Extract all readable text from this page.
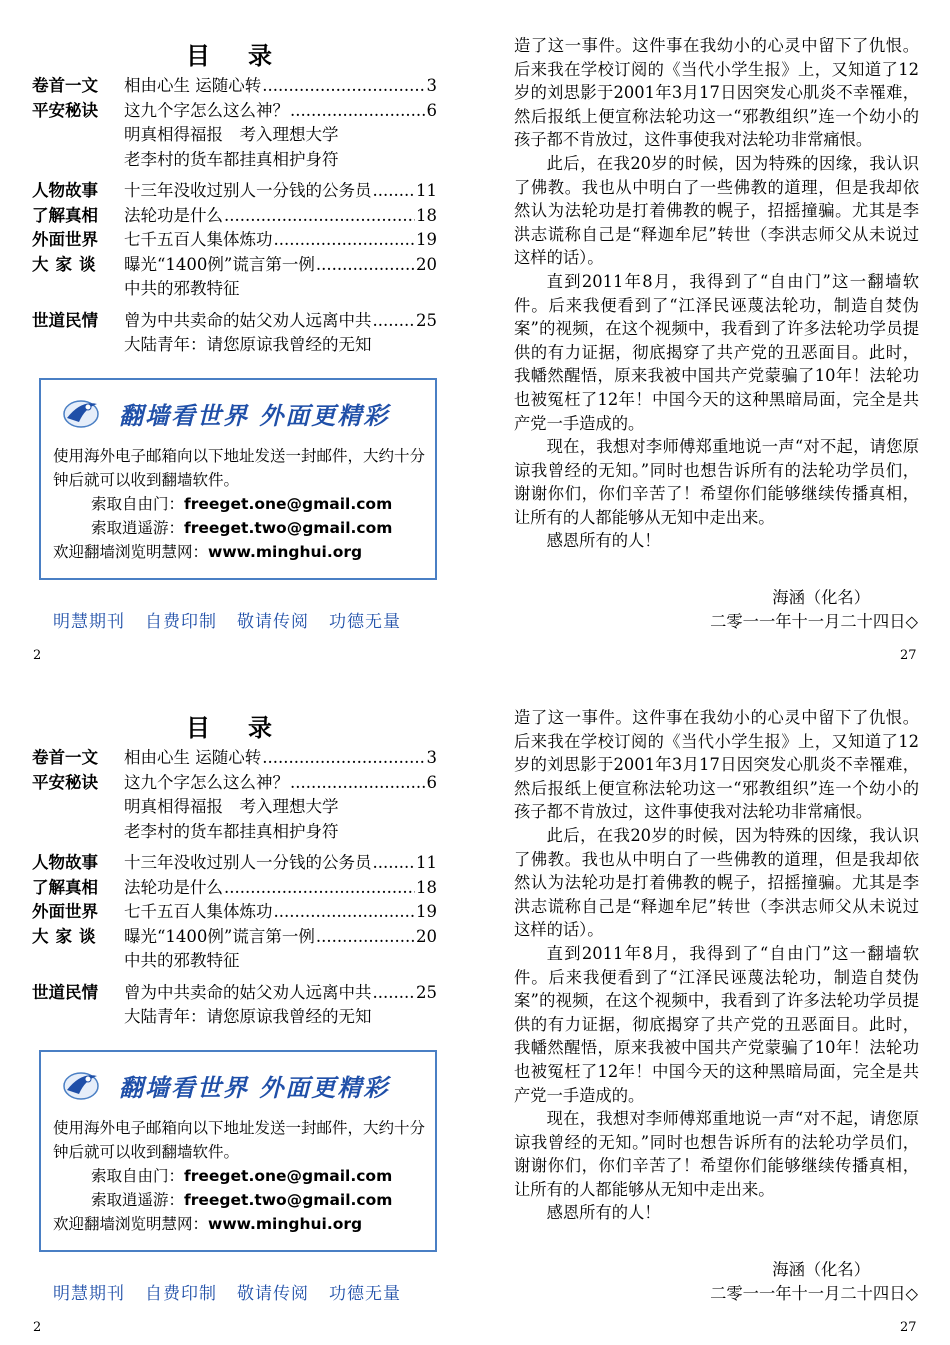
目录
卷首一文	相由心生 运随心转 .....	3
平安秘诀	这九个字怎么这么神？ .....	6
明真相得福报　考入理想大学
老李村的货车都挂真相护身符
人物故事	十三年没收过别人一分钱的公务员 .....	11
了解真相	法轮功是什么 .....	18
外面世界	七千五百人集体炼功 .....	19
大家谈	曝光“1400例”谎言第一例 .....	20
中共的邪教特征
世道民情	曾为中共卖命的姑父劝人远离中共 .....	25
大陆青年：请您原谅我曾经的无知
翻墙看世界 外面更精彩
使用海外电子邮箱向以下地址发送一封邮件，大约十分钟后就可以收到翻墙软件。
索取自由门：freeget.one@gmail.com
索取逍遥游：freeget.two@gmail.com
欢迎翻墙浏览明慧网：www.minghui.org
明慧期刊 自费印制 敬请传阅 功德无量
2	27

造了这一事件。这件事在我幼小的心灵中留下了仇恨。后来我在学校订阅的《当代小学生报》上，又知道了12岁的刘思影于2001年3月17日因突发心肌炎不幸罹难，然后报纸上便宣称法轮功这一“邪教组织”连一个幼小的孩子都不肯放过，这件事使我对法轮功非常痛恨。

此后，在我20岁的时候，因为特殊的因缘，我认识了佛教。我也从中明白了一些佛教的道理，但是我却依然认为法轮功是打着佛教的幌子，招摇撞骗。尤其是李洪志谎称自己是“释迦牟尼”转世（李洪志师父从未说过这样的话）。

直到2011年8月，我得到了“自由门”这一翻墙软件。后来我便看到了“江泽民诬蔑法轮功，制造自焚伪案”的视频，在这个视频中，我看到了许多法轮功学员提供的有力证据，彻底揭穿了共产党的丑恶面目。此时，我幡然醒悟，原来我被中国共产党蒙骗了10年！法轮功也被冤枉了12年！中国今天的这种黑暗局面，完全是共产党一手造成的。

现在，我想对李师傅郑重地说一声“对不起，请您原谅我曾经的无知。”同时也想告诉所有的法轮功学员们，谢谢你们，你们辛苦了！希望你们能够继续传播真相，让所有的人都能够从无知中走出来。

感恩所有的人！

海涵（化名）
二零一一年十一月二十四日◇
目录
卷首一文	相由心生 运随心转 .....	3
平安秘诀	这九个字怎么这么神？ .....	6
明真相得福报　考入理想大学
老李村的货车都挂真相护身符
人物故事	十三年没收过别人一分钱的公务员 .....	11
了解真相	法轮功是什么 .....	18
外面世界	七千五百人集体炼功 .....	19
大家谈	曝光“1400例”谎言第一例 .....	20
中共的邪教特征
世道民情	曾为中共卖命的姑父劝人远离中共 .....	25
大陆青年：请您原谅我曾经的无知
翻墙看世界 外面更精彩
使用海外电子邮箱向以下地址发送一封邮件，大约十分钟后就可以收到翻墙软件。
索取自由门：freeget.one@gmail.com
索取逍遥游：freeget.two@gmail.com
欢迎翻墙浏览明慧网：www.minghui.org
明慧期刊 自费印制 敬请传阅 功德无量
2	27

造了这一事件。这件事在我幼小的心灵中留下了仇恨。后来我在学校订阅的《当代小学生报》上，又知道了12岁的刘思影于2001年3月17日因突发心肌炎不幸罹难，然后报纸上便宣称法轮功这一“邪教组织”连一个幼小的孩子都不肯放过，这件事使我对法轮功非常痛恨。

此后，在我20岁的时候，因为特殊的因缘，我认识了佛教。我也从中明白了一些佛教的道理，但是我却依然认为法轮功是打着佛教的幌子，招摇撞骗。尤其是李洪志谎称自己是“释迦牟尼”转世（李洪志师父从未说过这样的话）。

直到2011年8月，我得到了“自由门”这一翻墙软件。后来我便看到了“江泽民诬蔑法轮功，制造自焚伪案”的视频，在这个视频中，我看到了许多法轮功学员提供的有力证据，彻底揭穿了共产党的丑恶面目。此时，我幡然醒悟，原来我被中国共产党蒙骗了10年！法轮功也被冤枉了12年！中国今天的这种黑暗局面，完全是共产党一手造成的。

现在，我想对李师傅郑重地说一声“对不起，请您原谅我曾经的无知。”同时也想告诉所有的法轮功学员们，谢谢你们，你们辛苦了！希望你们能够继续传播真相，让所有的人都能够从无知中走出来。

感恩所有的人！

海涵（化名）
二零一一年十一月二十四日◇
